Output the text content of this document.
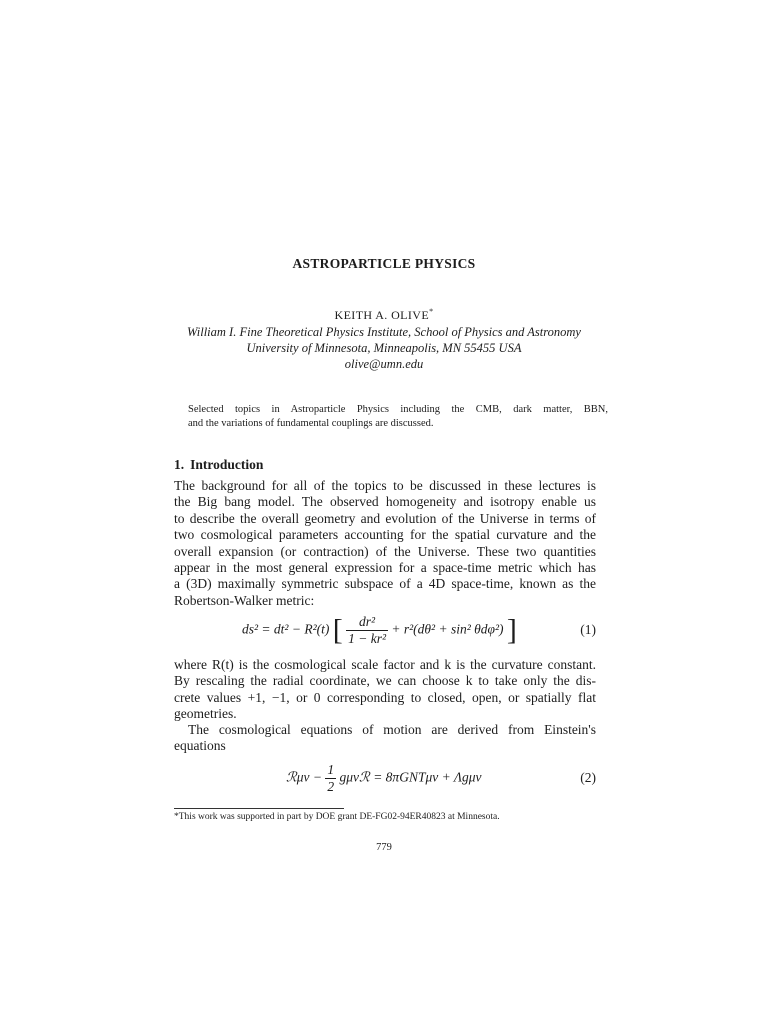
ASTROPARTICLE PHYSICS
KEITH A. OLIVE*
William I. Fine Theoretical Physics Institute, School of Physics and Astronomy
University of Minnesota, Minneapolis, MN 55455 USA
olive@umn.edu
Selected topics in Astroparticle Physics including the CMB, dark matter, BBN,
and the variations of fundamental couplings are discussed.
1. Introduction
The background for all of the topics to be discussed in these lectures is
the Big bang model. The observed homogeneity and isotropy enable us
to describe the overall geometry and evolution of the Universe in terms of
two cosmological parameters accounting for the spatial curvature and the
overall expansion (or contraction) of the Universe. These two quantities
appear in the most general expression for a space-time metric which has
a (3D) maximally symmetric subspace of a 4D space-time, known as the
Robertson-Walker metric:
ds² = dt² − R²(t) [ $\frac{\text{dr²}}{\text{1 − kr²}} + r^2(d\theta^2 + \sin^2$ θdφ²) ]	(1)
where R(t) is the cosmological scale factor and k is the curvature constant.
By rescaling the radial coordinate, we can choose k to take only the dis-
crete values +1, −1, or 0 corresponding to closed, open, or spatially flat
geometries.
The cosmological equations of motion are derived from Einstein's
equations
ℛμν − $\frac{1}{2}$ gμνℛ = 8πGNTμν + Λgμν	(2)
*This work was supported in part by DOE grant DE-FG02-94ER40823 at Minnesota.
779
